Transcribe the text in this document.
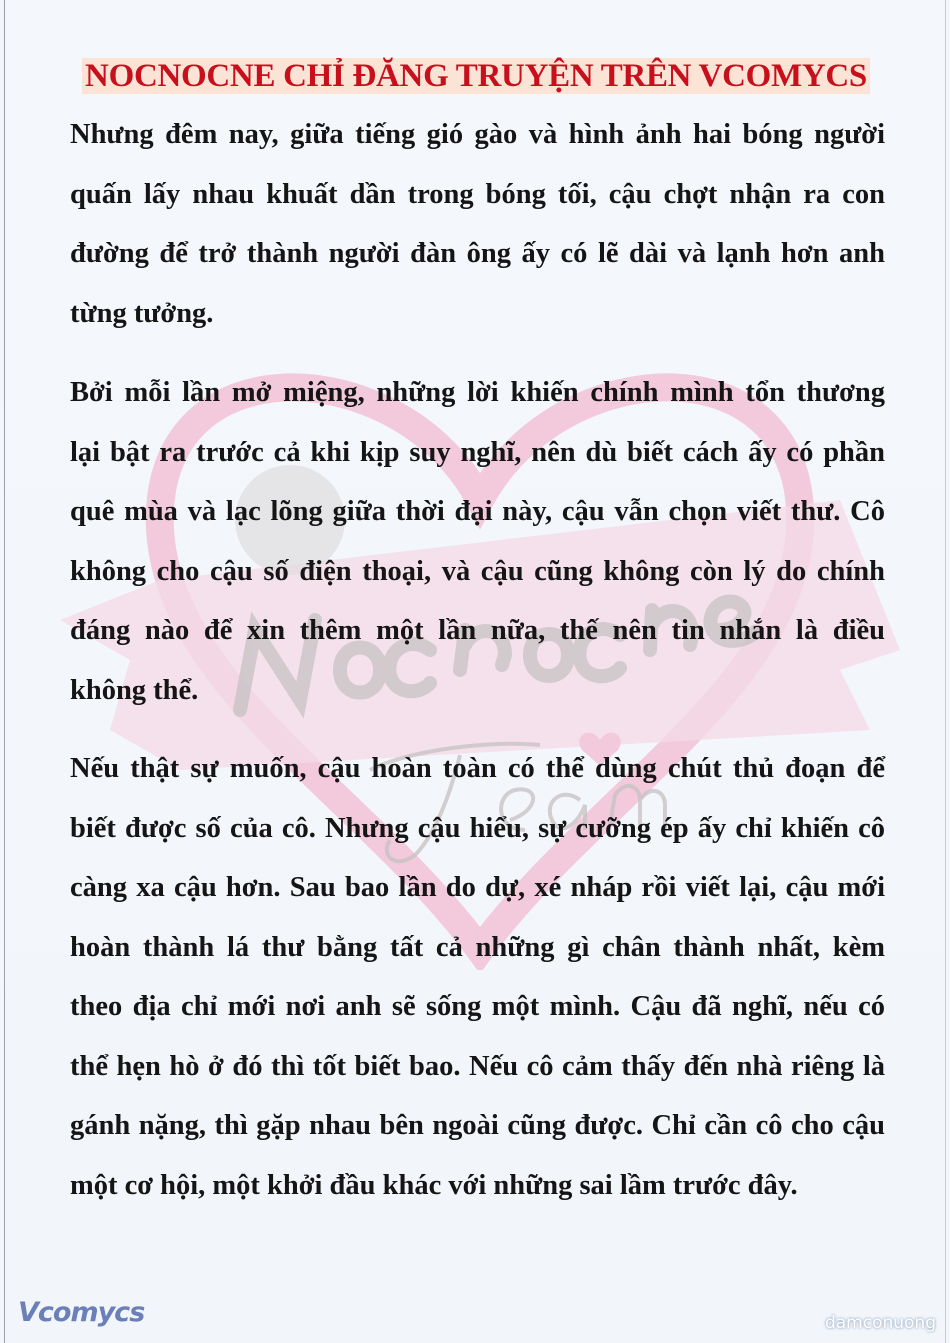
NOCNOCNE CHỈ ĐĂNG TRUYỆN TRÊN VCOMYCS
Nhưng đêm nay, giữa tiếng gió gào và hình ảnh hai bóng người
quấn lấy nhau khuất dần trong bóng tối, cậu chợt nhận ra con
đường để trở thành người đàn ông ấy có lẽ dài và lạnh hơn anh
từng tưởng.
Bởi mỗi lần mở miệng, những lời khiến chính mình tổn thương
lại bật ra trước cả khi kịp suy nghĩ, nên dù biết cách ấy có phần
quê mùa và lạc lõng giữa thời đại này, cậu vẫn chọn viết thư. Cô
không cho cậu số điện thoại, và cậu cũng không còn lý do chính
đáng nào để xin thêm một lần nữa, thế nên tin nhắn là điều
không thể.
Nếu thật sự muốn, cậu hoàn toàn có thể dùng chút thủ đoạn để
biết được số của cô. Nhưng cậu hiểu, sự cưỡng ép ấy chỉ khiến cô
càng xa cậu hơn. Sau bao lần do dự, xé nháp rồi viết lại, cậu mới
hoàn thành lá thư bằng tất cả những gì chân thành nhất, kèm
theo địa chỉ mới nơi anh sẽ sống một mình. Cậu đã nghĩ, nếu có
thể hẹn hò ở đó thì tốt biết bao. Nếu cô cảm thấy đến nhà riêng là
gánh nặng, thì gặp nhau bên ngoài cũng được. Chỉ cần cô cho cậu
một cơ hội, một khởi đầu khác với những sai lầm trước đây.
Vcomycs	damconuong
